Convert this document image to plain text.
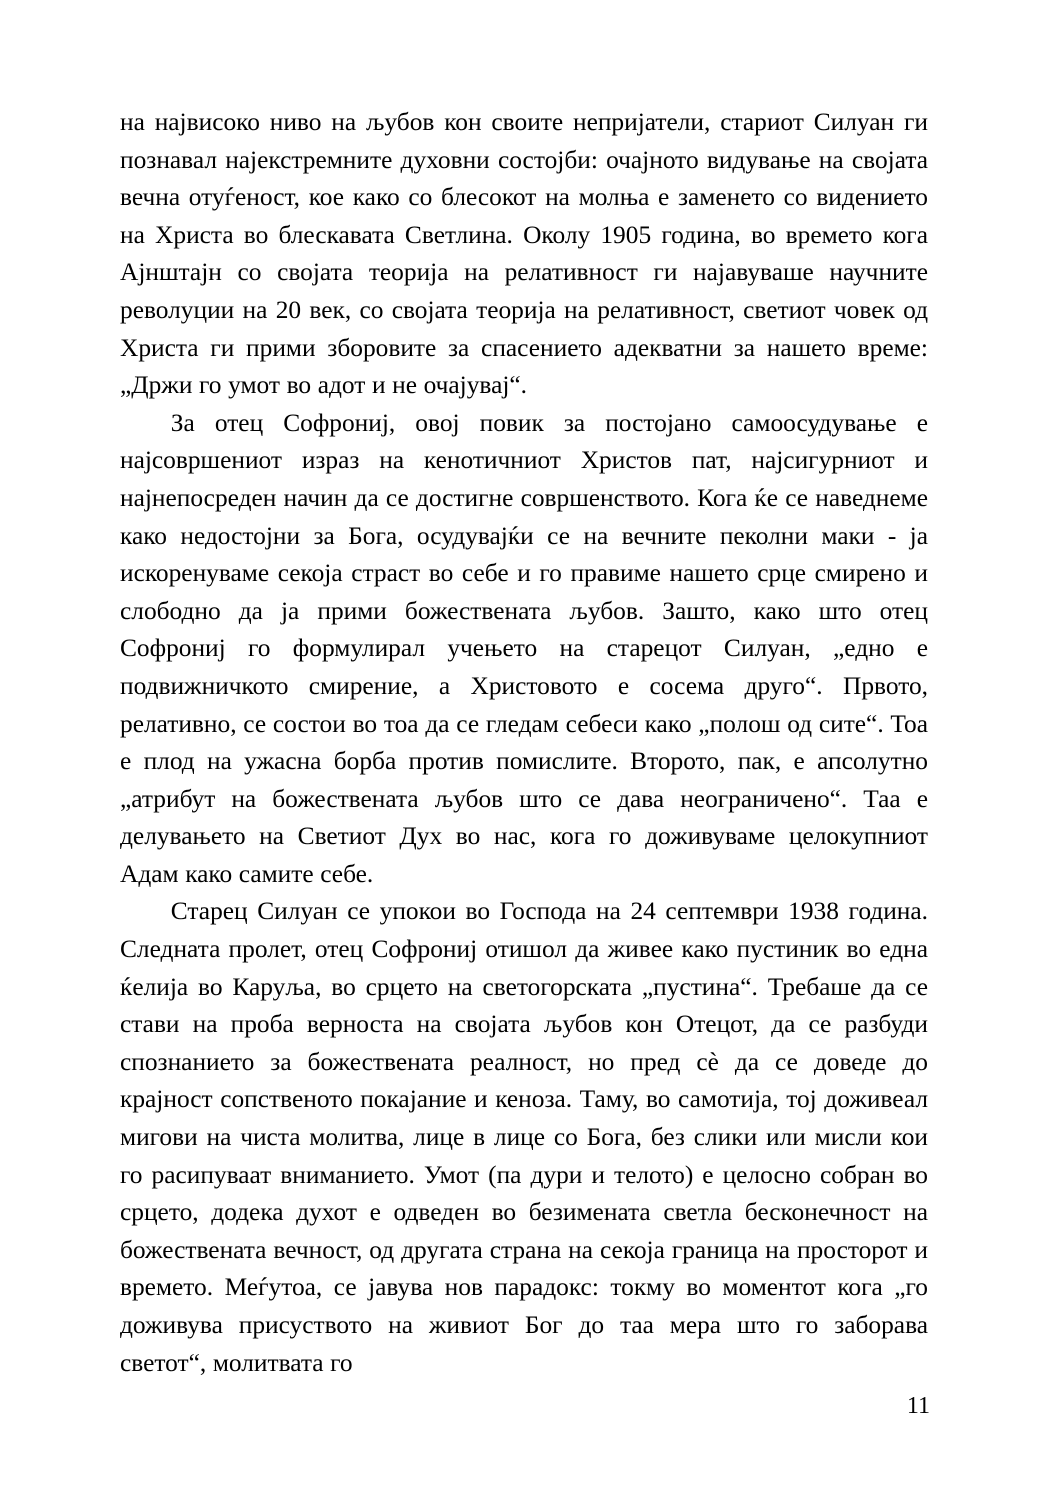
на највисоко ниво на љубов кон своите непријатели, стариот Силуан ги познавал најекстремните духовни состојби: очајното видување на својата вечна отуѓеност, кое како со блесокот на молња е заменето со видението на Христа во блескавата Светлина. Околу 1905 година, во времето кога Ајнштајн со својата теорија на релативност ги најавуваше научните револуции на 20 век, со својата теорија на релативност, светиот човек од Христа ги прими зборовите за спасението адекватни за нашето време: „Држи го умот во адот и не очајувај“.

За отец Софрониј, овој повик за постојано самоосудување е најсовршениот израз на кенотичниот Христов пат, најсигурниот и најнепосреден начин да се достигне совршенството. Кога ќе се наведнеме како недостојни за Бога, осудувајќи се на вечните пеколни маки - ја искоренуваме секоја страст во себе и го правиме нашето срце смирено и слободно да ја прими божествената љубов. Зашто, како што отец Софрониј го формулирал учењето на старецот Силуан, „едно е подвижничкото смирение, а Христовото е сосема друго“. Првото, релативно, се состои во тоа да се гледам себеси како „полош од сите“. Тоа е плод на ужасна борба против помислите. Второто, пак, е апсолутно „атрибут на божествената љубов што се дава неограничено“. Таа е делувањето на Светиот Дух во нас, кога го доживуваме целокупниот Адам како самите себе.

Старец Силуан се упокои во Господа на 24 септември 1938 година. Следната пролет, отец Софрониј отишол да живее како пустиник во една ќелија во Каруља, во срцето на светогорската „пустина“. Требаше да се стави на проба верноста на својата љубов кон Отецот, да се разбуди спознанието за божествената реалност, но пред сѐ да се доведе до крајност сопственото покајание и кеноза. Таму, во самотија, тој доживеал мигови на чиста молитва, лице в лице со Бога, без слики или мисли кои го расипуваат вниманието. Умот (па дури и телото) е целосно собран во срцето, додека духот е одведен во безимената светла бесконечност на божествената вечност, од другата страна на секоја граница на просторот и времето. Меѓутоа, се јавува нов парадокс: токму во моментот кога „го доживува присуството на живиот Бог до таа мера што го заборава светот“, молитвата го

11
